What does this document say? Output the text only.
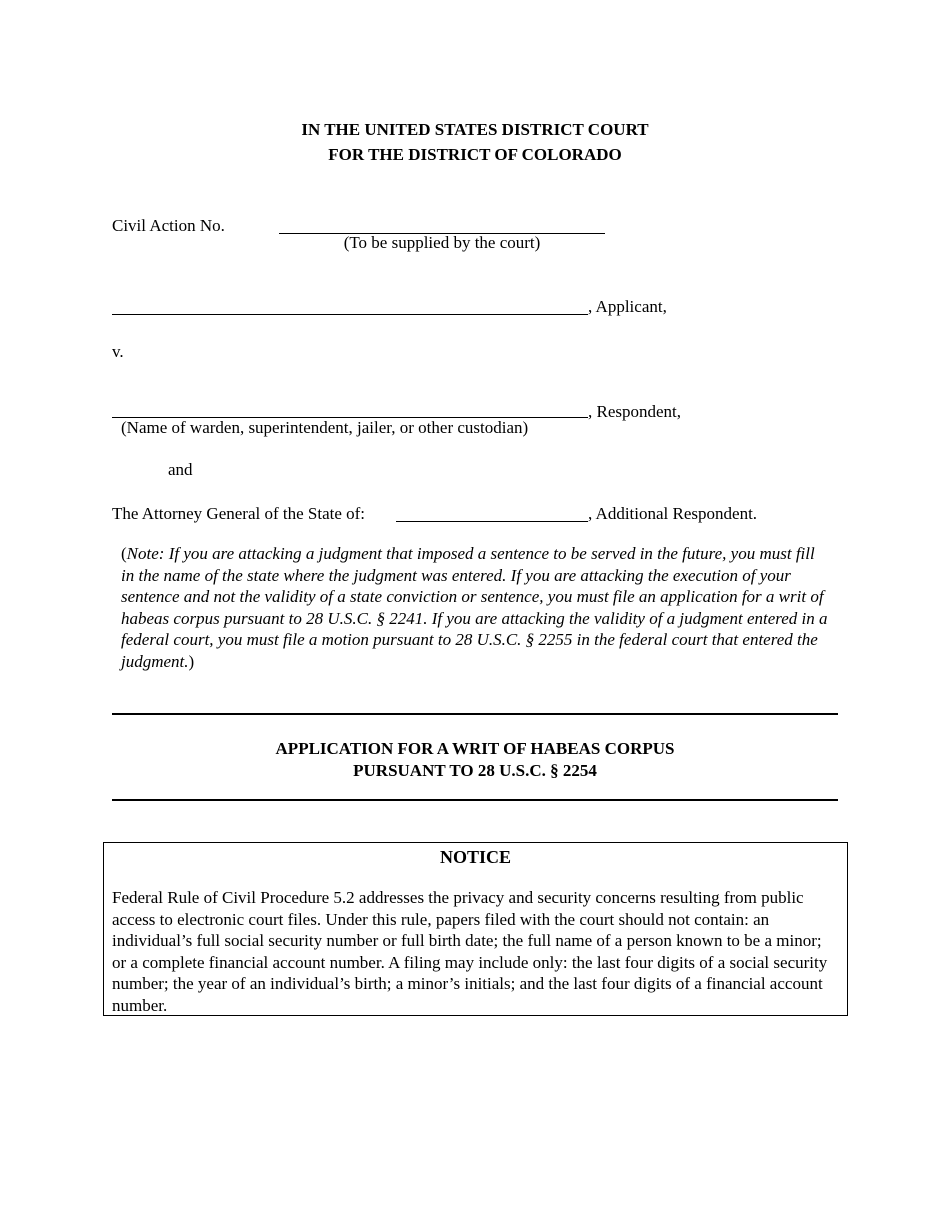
IN THE UNITED STATES DISTRICT COURT
FOR THE DISTRICT OF COLORADO
Civil Action No.
(To be supplied by the court)
, Applicant,
v.
, Respondent,
(Name of warden, superintendent, jailer, or other custodian)
and
The Attorney General of the State of:	, Additional Respondent.
(Note: If you are attacking a judgment that imposed a sentence to be served in the future, you must fill in the name of the state where the judgment was entered. If you are attacking the execution of your sentence and not the validity of a state conviction or sentence, you must file an application for a writ of habeas corpus pursuant to 28 U.S.C. § 2241. If you are attacking the validity of a judgment entered in a federal court, you must file a motion pursuant to 28 U.S.C. § 2255 in the federal court that entered the judgment.)
APPLICATION FOR A WRIT OF HABEAS CORPUS
PURSUANT TO 28 U.S.C. § 2254
NOTICE
Federal Rule of Civil Procedure 5.2 addresses the privacy and security concerns resulting from public access to electronic court files. Under this rule, papers filed with the court should not contain: an individual’s full social security number or full birth date; the full name of a person known to be a minor; or a complete financial account number. A filing may include only: the last four digits of a social security number; the year of an individual’s birth; a minor’s initials; and the last four digits of a financial account number.
